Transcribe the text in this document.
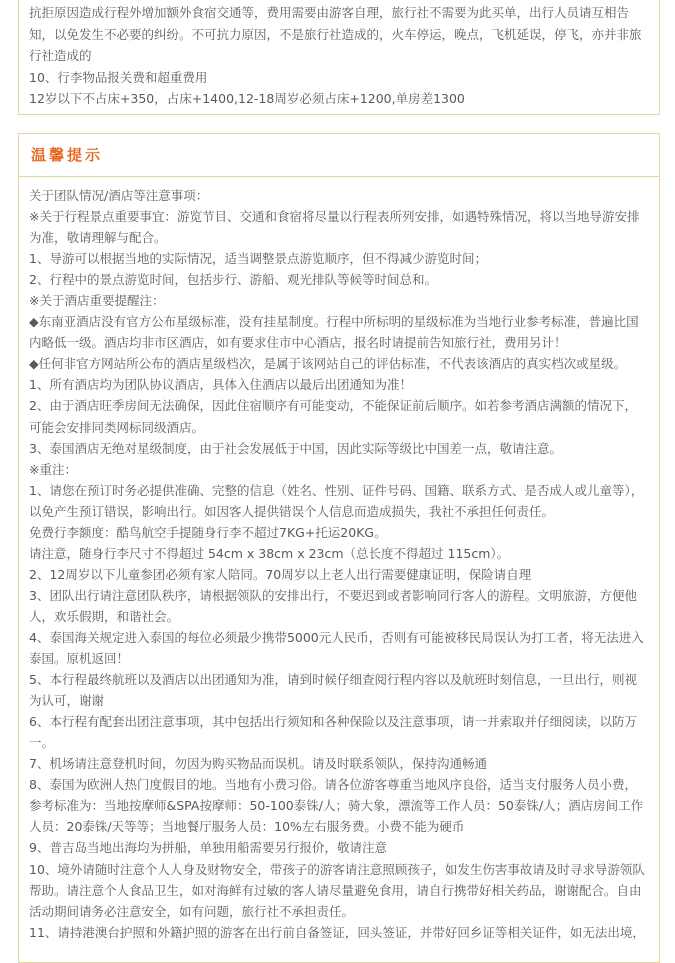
抗拒原因造成行程外增加额外食宿交通等，费用需要由游客自理，旅行社不需要为此买单，出行人员请互相告知，以免发生不必要的纠纷。不可抗力原因，不是旅行社造成的，火车停运，晚点，飞机延误，停飞，亦并非旅行社造成的

10、行李物品报关费和超重费用

12岁以下不占床+350，占床+1400,12-18周岁必须占床+1200,单房差1300

温馨提示

关于团队情况/酒店等注意事项：

※关于行程景点重要事宜：游览节目、交通和食宿将尽量以行程表所列安排，如遇特殊情况，将以当地导游安排为准，敬请理解与配合。

1、导游可以根据当地的实际情况，适当调整景点游览顺序，但不得减少游览时间；

2、行程中的景点游览时间，包括步行、游船、观光排队等候等时间总和。

※关于酒店重要提醒注：

◆东南亚酒店没有官方公布星级标准，没有挂星制度。行程中所标明的星级标准为当地行业参考标准，普遍比国内略低一级。酒店均非市区酒店，如有要求住市中心酒店，报名时请提前告知旅行社，费用另计！

◆任何非官方网站所公布的酒店星级档次，是属于该网站自己的评估标准，不代表该酒店的真实档次或星级。

1、所有酒店均为团队协议酒店，具体入住酒店以最后出团通知为准！

2、由于酒店旺季房间无法确保，因此住宿顺序有可能变动，不能保证前后顺序。如若参考酒店满额的情况下，可能会安排同类网标同级酒店。

3、泰国酒店无绝对星级制度，由于社会发展低于中国，因此实际等级比中国差一点，敬请注意。

※重注：

1、请您在预订时务必提供准确、完整的信息（姓名、性别、证件号码、国籍、联系方式、是否成人或儿童等），以免产生预订错误，影响出行。如因客人提供错误个人信息而造成损失，我社不承担任何责任。

免费行李额度：酷鸟航空手提随身行李不超过7KG+托运20KG。

请注意，随身行李尺寸不得超过 54cm x 38cm x 23cm（总长度不得超过 115cm）。

2、12周岁以下儿童参团必须有家人陪同。70周岁以上老人出行需要健康证明，保险请自理

3、团队出行请注意团队秩序，请根据领队的安排出行，不要迟到或者影响同行客人的游程。文明旅游，方便他人，欢乐假期，和谐社会。

4、泰国海关规定进入泰国的每位必须最少携带5000元人民币，否则有可能被移民局误认为打工者，将无法进入泰国。原机返回！

5、本行程最终航班以及酒店以出团通知为准，请到时候仔细查阅行程内容以及航班时刻信息，一旦出行，则视为认可，谢谢

6、本行程有配套出团注意事项，其中包括出行须知和各种保险以及注意事项，请一并索取并仔细阅读，以防万一。

7、机场请注意登机时间，勿因为购买物品而误机。请及时联系领队，保持沟通畅通

8、泰国为欧洲人热门度假目的地。当地有小费习俗。请各位游客尊重当地风序良俗，适当支付服务人员小费，参考标准为：当地按摩师&SPA按摩师：50-100泰铢/人；骑大象，漂流等工作人员：50泰铢/人；酒店房间工作人员：20泰铢/天等等；当地餐厅服务人员：10%左右服务费。小费不能为硬币

9、普吉岛当地出海均为拼船，单独用船需要另行报价，敬请注意

10、境外请随时注意个人人身及财物安全，带孩子的游客请注意照顾孩子，如发生伤害事故请及时寻求导游领队帮助。请注意个人食品卫生，如对海鲜有过敏的客人请尽量避免食用，请自行携带好相关药品，谢谢配合。自由活动期间请务必注意安全，如有问题，旅行社不承担责任。

11、请持港澳台护照和外籍护照的游客在出行前自备签证，回头签证，并带好回乡证等相关证件，如无法出境，
